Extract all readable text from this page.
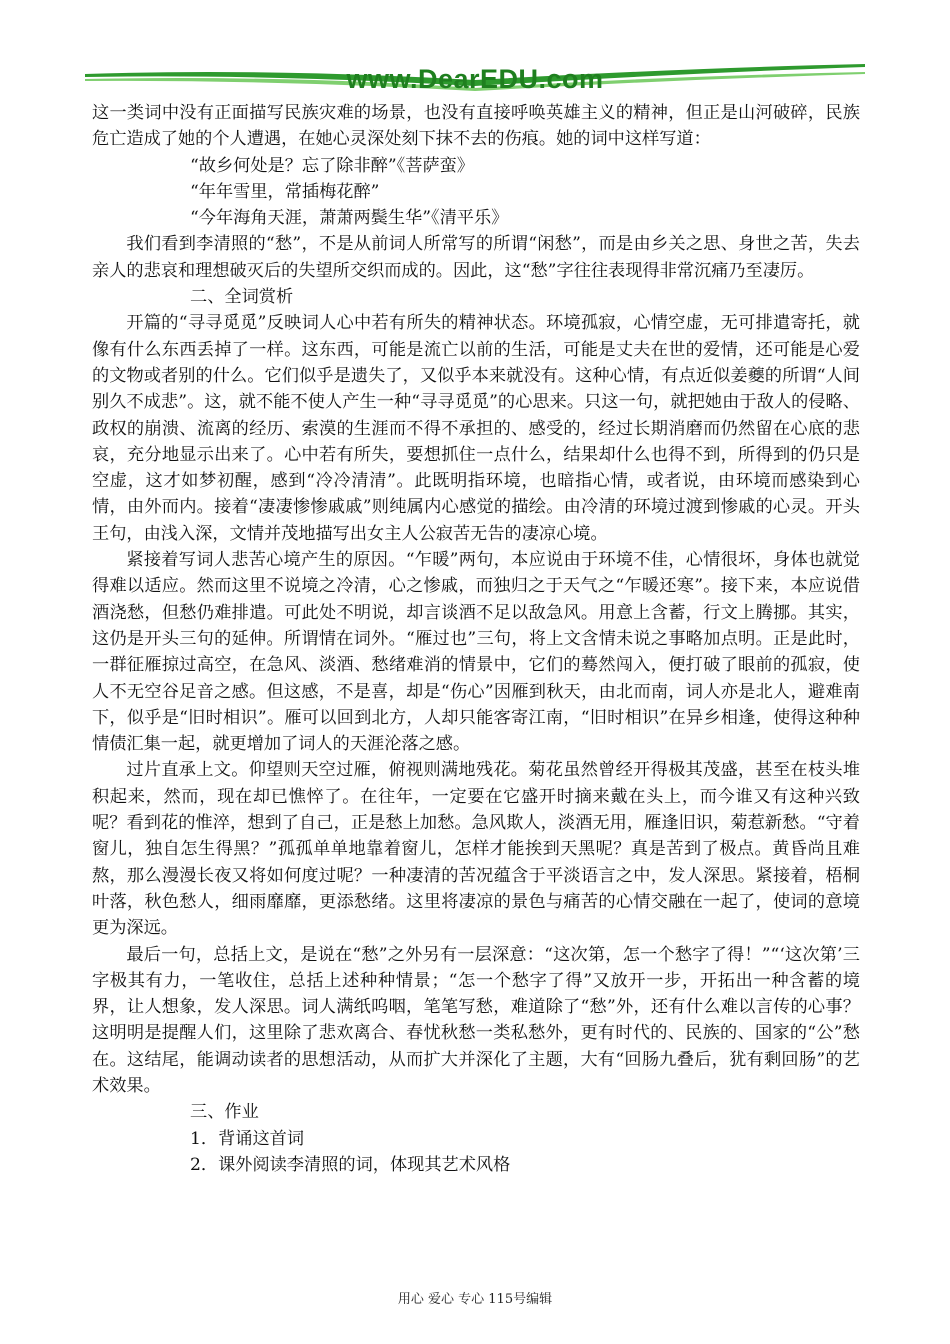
www.DearEDU.com

这一类词中没有正面描写民族灾难的场景，也没有直接呼唤英雄主义的精神，但正是山河破碎，民族危亡造成了她的个人遭遇，在她心灵深处刻下抹不去的伤痕。她的词中这样写道：

“故乡何处是？忘了除非醉”《菩萨蛮》

“年年雪里，常插梅花醉”

“今年海角天涯，萧萧两鬓生华”《清平乐》

我们看到李清照的“愁”，不是从前词人所常写的所谓“闲愁”，而是由乡关之思、身世之苦，失去亲人的悲哀和理想破灭后的失望所交织而成的。因此，这“愁”字往往表现得非常沉痛乃至凄厉。

二、全词赏析

开篇的“寻寻觅觅”反映词人心中若有所失的精神状态。环境孤寂，心情空虚，无可排遣寄托，就像有什么东西丢掉了一样。这东西，可能是流亡以前的生活，可能是丈夫在世的爱情，还可能是心爱的文物或者别的什么。它们似乎是遗失了，又似乎本来就没有。这种心情，有点近似姜夔的所谓“人间别久不成悲”。这，就不能不使人产生一种“寻寻觅觅”的心思来。只这一句，就把她由于敌人的侵略、政权的崩溃、流离的经历、索漠的生涯而不得不承担的、感受的，经过长期消磨而仍然留在心底的悲哀，充分地显示出来了。心中若有所失，要想抓住一点什么，结果却什么也得不到，所得到的仍只是空虚，这才如梦初醒，感到“冷冷清清”。此既明指环境，也暗指心情，或者说，由环境而感染到心情，由外而内。接着“凄凄惨惨戚戚”则纯属内心感觉的描绘。由冷清的环境过渡到惨戚的心灵。开头王句，由浅入深，文情并茂地描写出女主人公寂苦无告的凄凉心境。

紧接着写词人悲苦心境产生的原因。“乍暖”两句，本应说由于环境不佳，心情很坏，身体也就觉得难以适应。然而这里不说境之冷清，心之惨戚，而独归之于天气之“乍暖还寒”。接下来，本应说借酒浇愁，但愁仍难排遣。可此处不明说，却言谈酒不足以敌急风。用意上含蓄，行文上腾挪。其实，这仍是开头三句的延伸。所谓情在词外。“雁过也”三句，将上文含情未说之事略加点明。正是此时，一群征雁掠过高空，在急风、淡酒、愁绪难消的情景中，它们的蓦然闯入，便打破了眼前的孤寂，使人不无空谷足音之感。但这感，不是喜，却是“伤心”因雁到秋天，由北而南，词人亦是北人，避难南下，似乎是“旧时相识”。雁可以回到北方，人却只能客寄江南，“旧时相识”在异乡相逢，使得这种种情债汇集一起，就更增加了词人的天涯沦落之感。

过片直承上文。仰望则天空过雁，俯视则满地残花。菊花虽然曾经开得极其茂盛，甚至在枝头堆积起来，然而，现在却已憔悴了。在往年，一定要在它盛开时摘来戴在头上，而今谁又有这种兴致呢？看到花的惟淬，想到了自己，正是愁上加愁。急风欺人，淡酒无用，雁逢旧识，菊惹新愁。“守着窗儿，独自怎生得黑？”孤孤单单地靠着窗儿，怎样才能挨到天黑呢？真是苦到了极点。黄昏尚且难熬，那么漫漫长夜又将如何度过呢？一种凄清的苦况蕴含于平淡语言之中，发人深思。紧接着，梧桐叶落，秋色愁人，细雨靡靡，更添愁绪。这里将凄凉的景色与痛苦的心情交融在一起了，使词的意境更为深远。

最后一句，总括上文，是说在“愁”之外另有一层深意：“这次第，怎一个愁字了得！”“‘这次第’三字极其有力，一笔收住，总括上述种种情景；“怎一个愁字了得”又放开一步，开拓出一种含蓄的境界，让人想象，发人深思。词人满纸呜咽，笔笔写愁，难道除了“愁”外，还有什么难以言传的心事？这明明是提醒人们，这里除了悲欢离合、春忧秋愁一类私愁外，更有时代的、民族的、国家的“公”愁在。这结尾，能调动读者的思想活动，从而扩大并深化了主题，大有“回肠九叠后，犹有剩回肠”的艺术效果。

三、作业

1．背诵这首词

2．课外阅读李清照的词，体现其艺术风格

用心 爱心 专心 115号编辑
